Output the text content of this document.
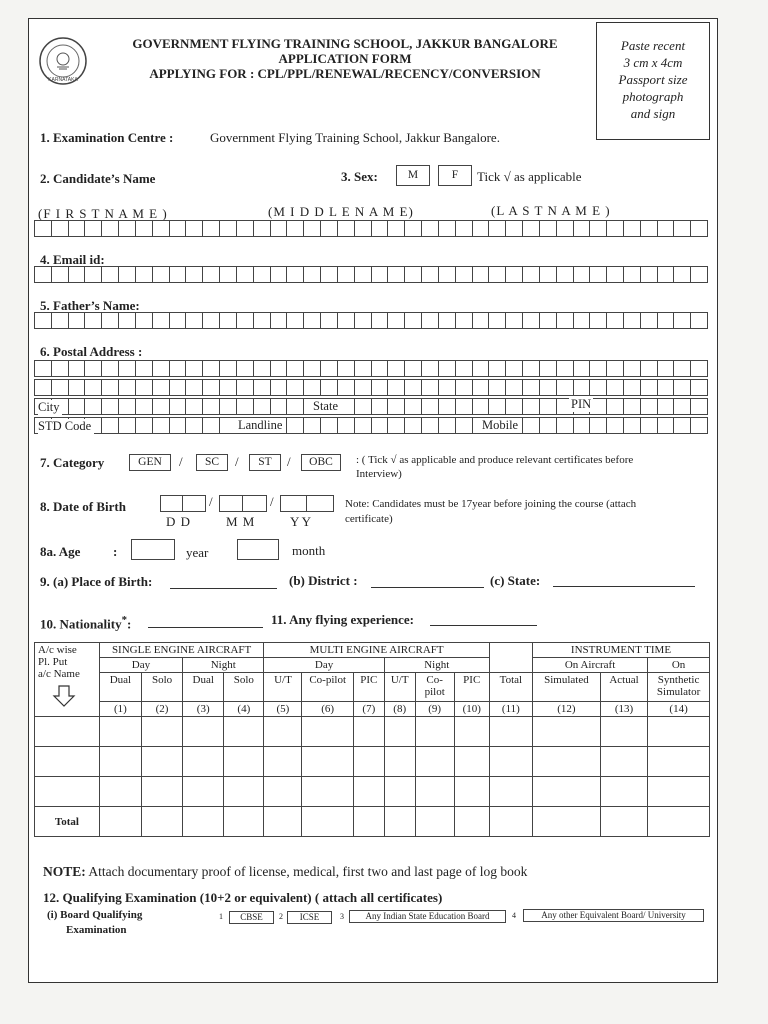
KARNATAKA
GOVERNMENT FLYING TRAINING SCHOOL, JAKKUR BANGALORE
APPLICATION FORM
APPLYING FOR : CPL/PPL/RENEWAL/RECENCY/CONVERSION
Paste recent
3 cm x 4cm
Passport size
photograph
and sign
1. Examination Centre :	Government Flying Training School, Jakkur Bangalore.
2. Candidate’s Name	3. Sex:	M	F	Tick √ as applicable
(F I R S T N A M E )	(M I D D L E N A M E)	(L A S T N A M E )
4. Email id:
5. Father’s Name:
6. Postal Address :
City	State	PIN
STD Code	Landline	Mobile
7. Category	GEN	/	SC	/	ST	/	OBC	: ( Tick √ as applicable and produce relevant certificates before
Interview)
8. Date of Birth	/	/
D D	M M	Y Y
Note: Candidates must be 17year before joining the course (attach
certificate)
8a. Age	:	year	month
9. (a) Place of Birth:	(b) District :	(c) State:
10. Nationality*:	11. Any flying experience:
A/c wise
Pl. Put
a/c Name	SINGLE ENGINE AIRCRAFT				MULTI ENGINE AIRCRAFT							INSTRUMENT TIME		
	Day		Night		Day			Night				On Aircraft		On
	Dual	Solo	Dual	Solo	U/T	Co-pilot	PIC	U/T	Co-pilot	PIC	Total	Simulated	Actual	Synthetic Simulator
	(1)	(2)	(3)	(4)	(5)	(6)	(7)	(8)	(9)	(10)	(11)	(12)	(13)	(14)

Total														
NOTE: Attach documentary proof of license, medical, first two and last page of log book
12. Qualifying Examination (10+2 or equivalent) ( attach all certificates)
(i) Board Qualifying
Examination
1	CBSE	2	ICSE	3	Any Indian State Education Board	4	Any other Equivalent Board/ University
